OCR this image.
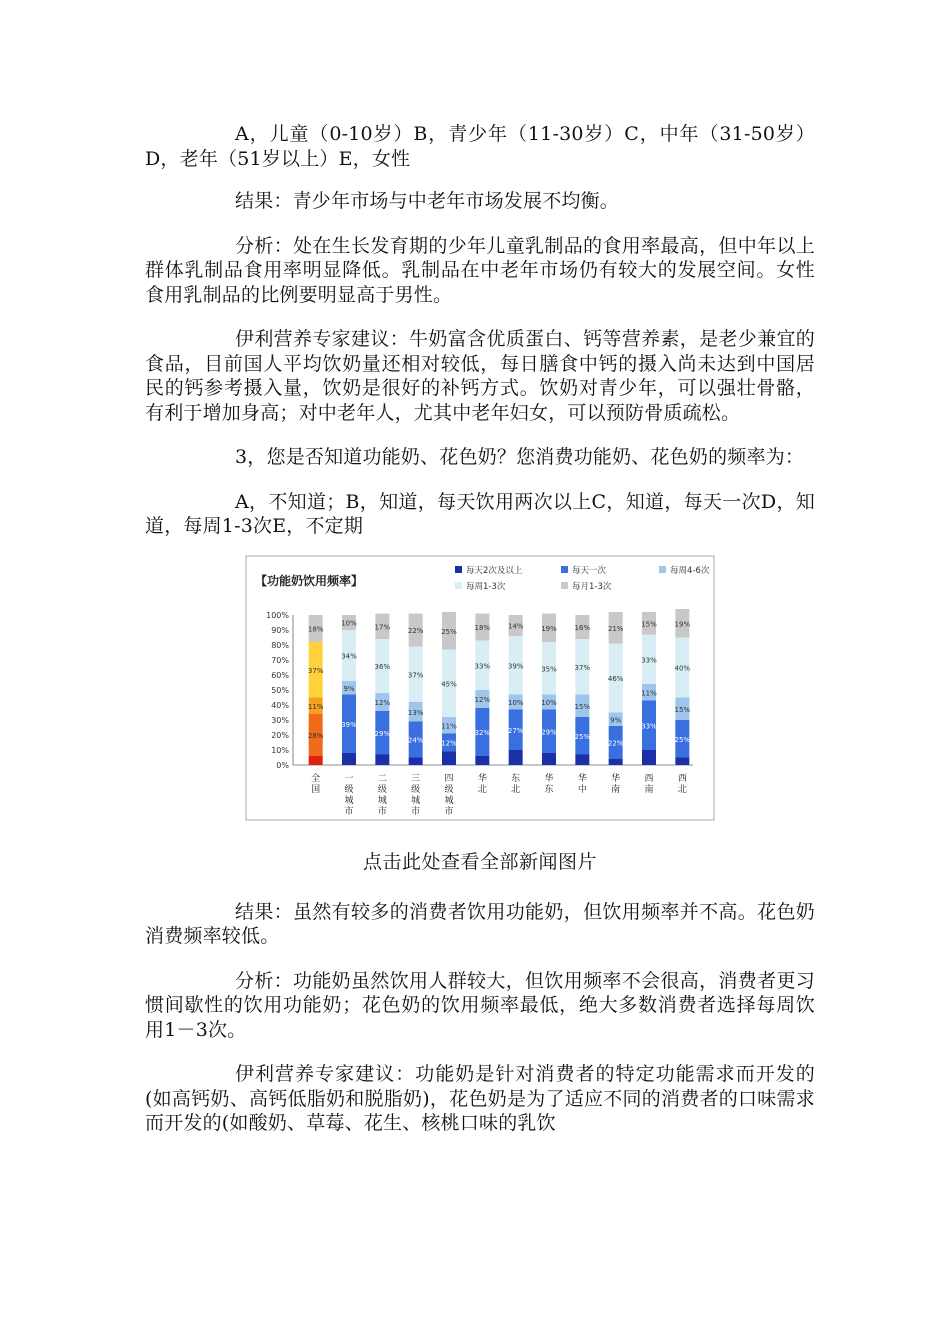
A，儿童（0-10岁）B，青少年（11-30岁）C，中年（31-50岁）D，老年（51岁以上）E，女性

结果：青少年市场与中老年市场发展不均衡。

分析：处在生长发育期的少年儿童乳制品的食用率最高，但中年以上群体乳制品食用率明显降低。乳制品在中老年市场仍有较大的发展空间。女性食用乳制品的比例要明显高于男性。

伊利营养专家建议：牛奶富含优质蛋白、钙等营养素，是老少兼宜的食品，目前国人平均饮奶量还相对较低，每日膳食中钙的摄入尚未达到中国居民的钙参考摄入量，饮奶是很好的补钙方式。饮奶对青少年，可以强壮骨骼，有利于增加身高；对中老年人，尤其中老年妇女，可以预防骨质疏松。

3，您是否知道功能奶、花色奶？您消费功能奶、花色奶的频率为：

A，不知道；B，知道，每天饮用两次以上C，知道，每天一次D，知道，每周1-3次E，不定期

【功能奶饮用频率】
每天2次及以上	每天一次	每周4-6次
每周1-3次	每月1-3次
0%
10%
20%
30%
40%
50%
60%
70%
80%
90%
100%
28%
11%
37%
18%
全
国
39%
9%
34%
10%
一
级
城
市
29%
12%
36%
17%
二
级
城
市
24%
13%
37%
22%
三
级
城
市
12%
11%
45%
25%
四
级
城
市
32%
12%
33%
18%
华
北
27%
10%
39%
14%
东
北
29%
10%
35%
19%
华
东
25%
15%
37%
16%
华
中
22%
9%
46%
21%
华
南
33%
11%
33%
15%
西
南
25%
15%
40%
19%
西
北
点击此处查看全部新闻图片

结果：虽然有较多的消费者饮用功能奶，但饮用频率并不高。花色奶消费频率较低。

分析：功能奶虽然饮用人群较大，但饮用频率不会很高，消费者更习惯间歇性的饮用功能奶；花色奶的饮用频率最低，绝大多数消费者选择每周饮用1－3次。

伊利营养专家建议：功能奶是针对消费者的特定功能需求而开发的(如高钙奶、高钙低脂奶和脱脂奶)，花色奶是为了适应不同的消费者的口味需求而开发的(如酸奶、草莓、花生、核桃口味的乳饮
